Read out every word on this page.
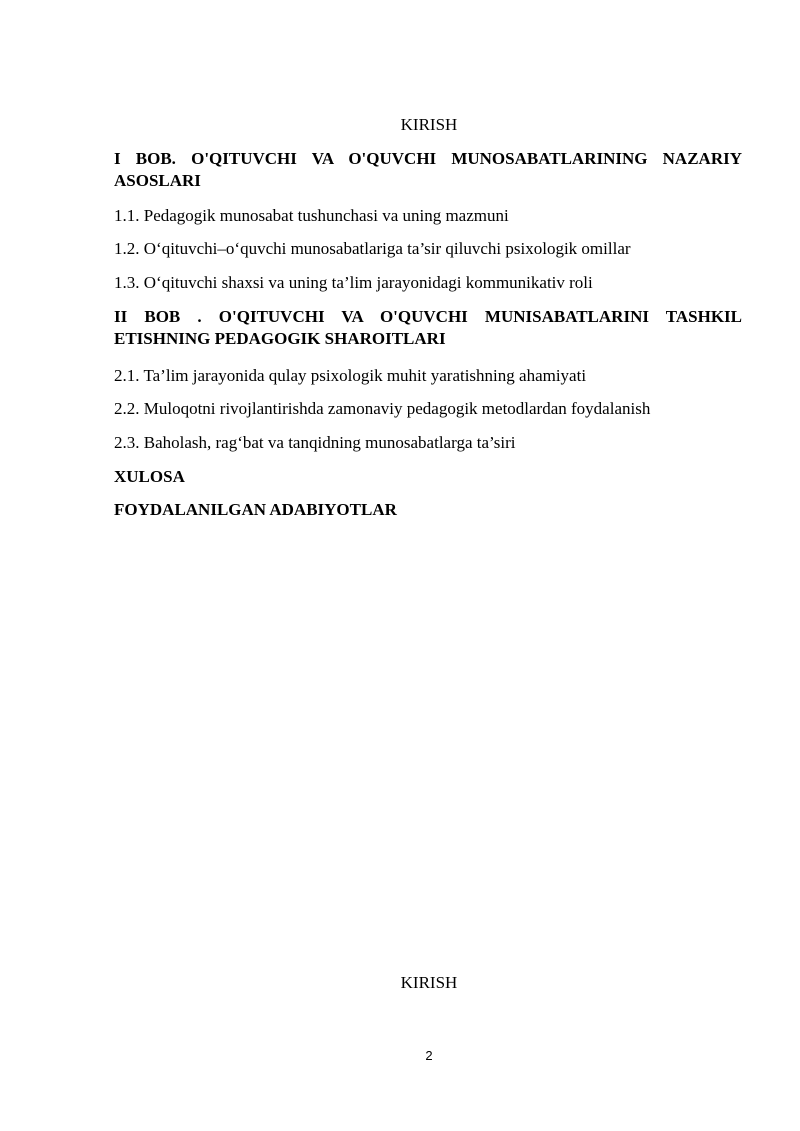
KIRISH
I BOB. O'QITUVCHI VA O'QUVCHI MUNOSABATLARINING NAZARIY ASOSLARI
1.1. Pedagogik munosabat tushunchasi va uning mazmuni
1.2. O‘qituvchi–o‘quvchi munosabatlariga ta’sir qiluvchi psixologik omillar
1.3. O‘qituvchi shaxsi va uning ta’lim jarayonidagi kommunikativ roli
II BOB . O'QITUVCHI VA O'QUVCHI MUNISABATLARINI TASHKIL ETISHNING PEDAGOGIK SHAROITLARI
2.1. Ta’lim jarayonida qulay psixologik muhit yaratishning ahamiyati
2.2. Muloqotni rivojlantirishda zamonaviy pedagogik metodlardan foydalanish
2.3. Baholash, rag‘bat va tanqidning munosabatlarga ta’siri
XULOSA
FOYDALANILGAN ADABIYOTLAR
KIRISH
2
